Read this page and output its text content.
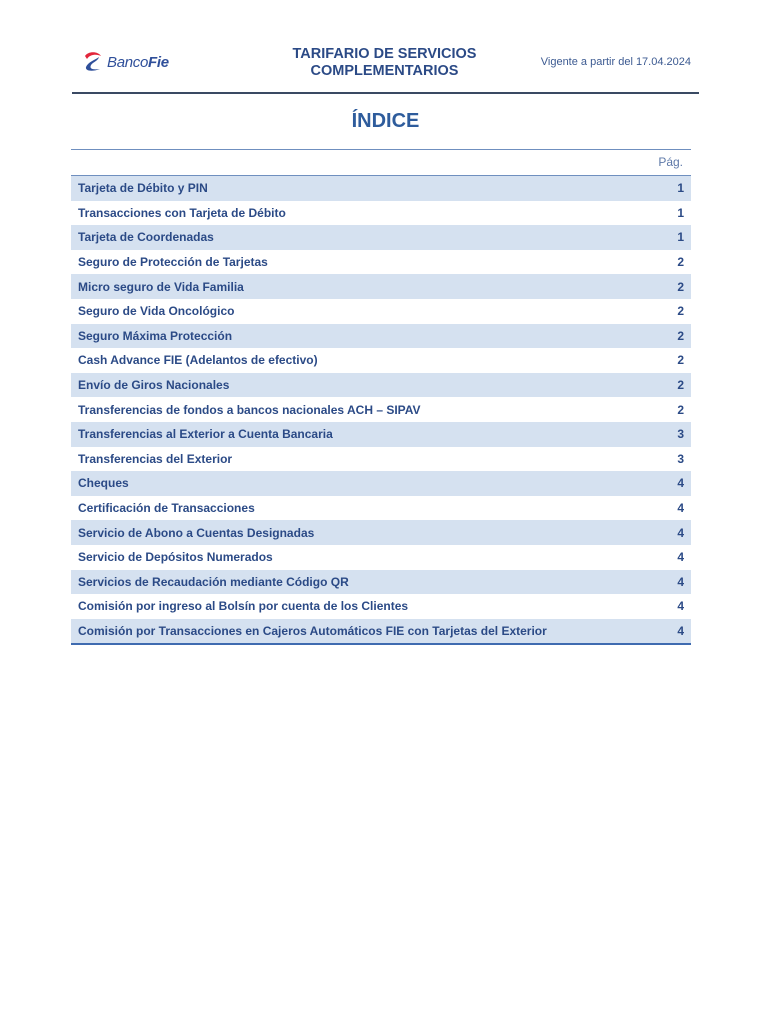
BancoFie	TARIFARIO DE SERVICIOS
COMPLEMENTARIOS
Vigente a partir del 17.04.2024
ÍNDICE
Pág.
Tarjeta de Débito y PIN	1
Transacciones con Tarjeta de Débito	1
Tarjeta de Coordenadas	1
Seguro de Protección de Tarjetas	2
Micro seguro de Vida Familia	2
Seguro de Vida Oncológico	2
Seguro Máxima Protección	2
Cash Advance FIE (Adelantos de efectivo)	2
Envío de Giros Nacionales	2
Transferencias de fondos a bancos nacionales ACH – SIPAV	2
Transferencias al Exterior a Cuenta Bancaria	3
Transferencias del Exterior	3
Cheques	4
Certificación de Transacciones	4
Servicio de Abono a Cuentas Designadas	4
Servicio de Depósitos Numerados	4
Servicios de Recaudación mediante Código QR	4
Comisión por ingreso al Bolsín por cuenta de los Clientes	4
Comisión por Transacciones en Cajeros Automáticos FIE con Tarjetas del Exterior	4
